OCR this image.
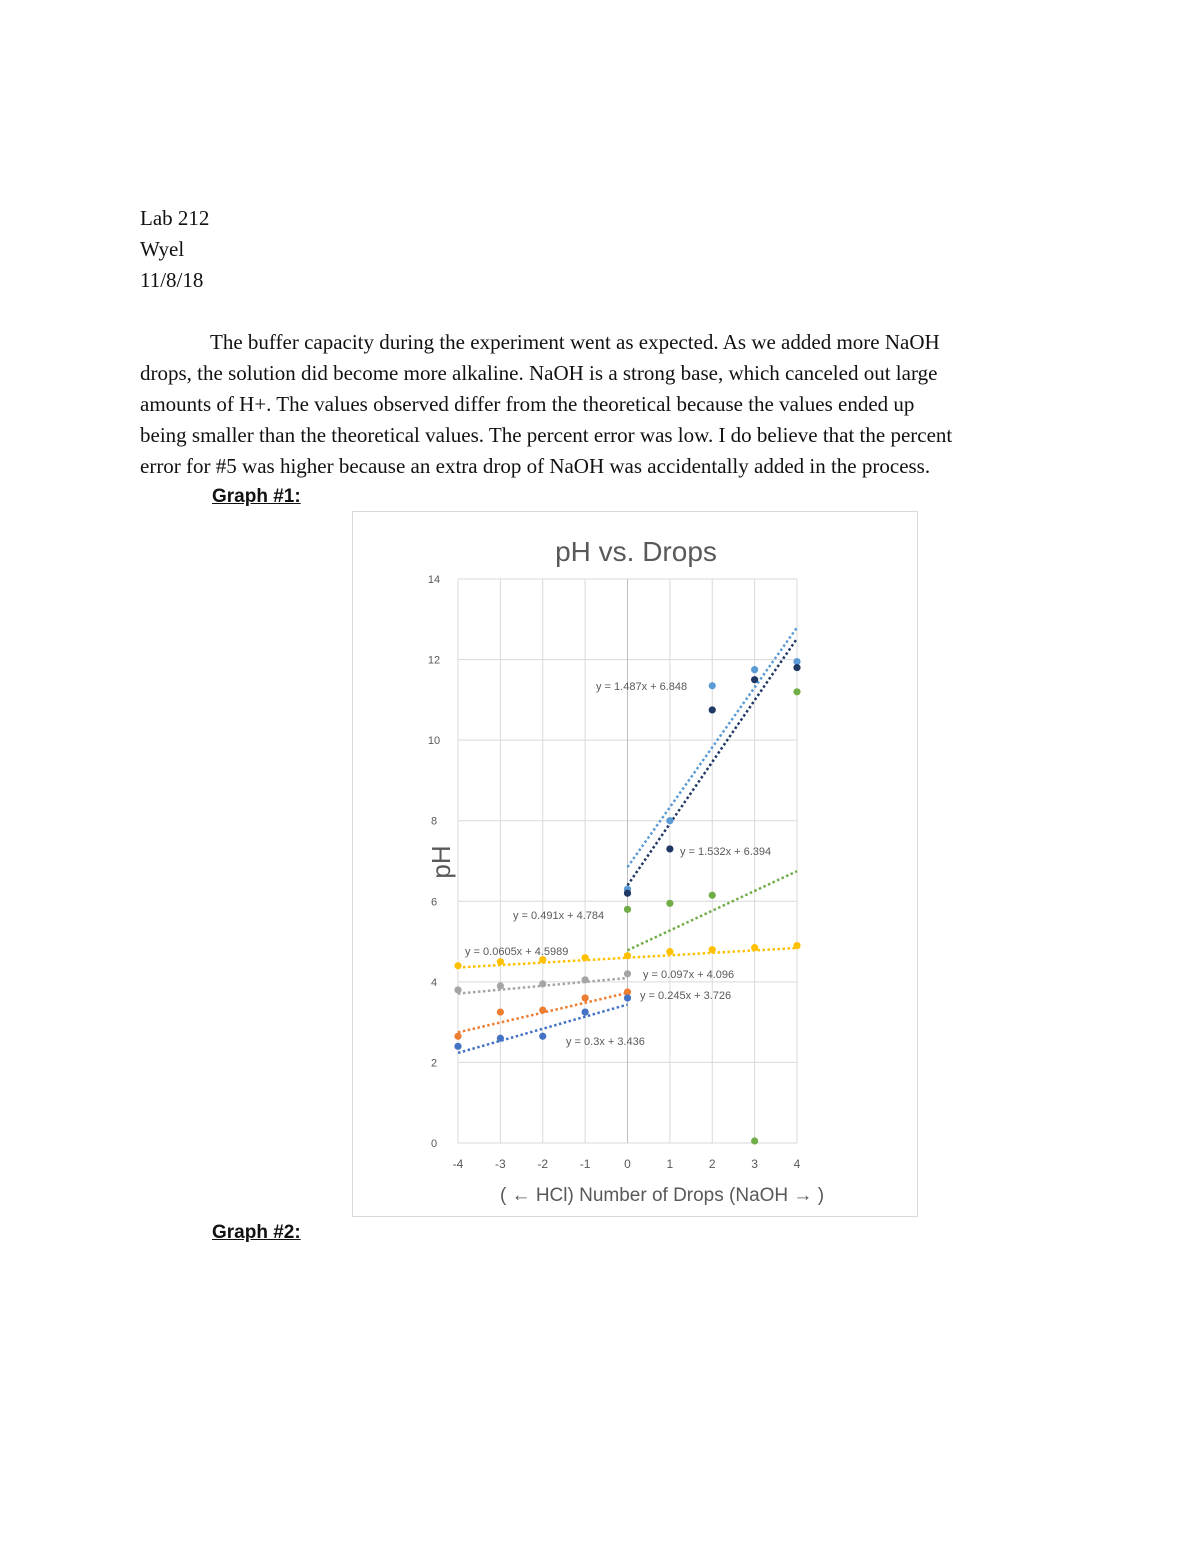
Lab 212
Wyel
11/8/18
The buffer capacity during the experiment went as expected. As we added more NaOH
drops, the solution did become more alkaline. NaOH is a strong base, which canceled out large
amounts of H+. The values observed differ from the theoretical because the values ended up
being smaller than the theoretical values. The percent error was low. I do believe that the percent
error for #5 was higher because an extra drop of NaOH was accidentally added in the process.
Graph #1:
pH vs. Drops
0
2
4
6
8
10
12
14
-4	-3	-2	-1	0	1	2	3	4
y = 1.487x + 6.848
y = 1.532x + 6.394
y = 0.491x + 4.784
y = 0.0605x + 4.5989
y = 0.097x + 4.096
y = 0.245x + 3.726
y = 0.3x + 3.436
pH
( ← HCl) Number of Drops (NaOH → )
Graph #2:
